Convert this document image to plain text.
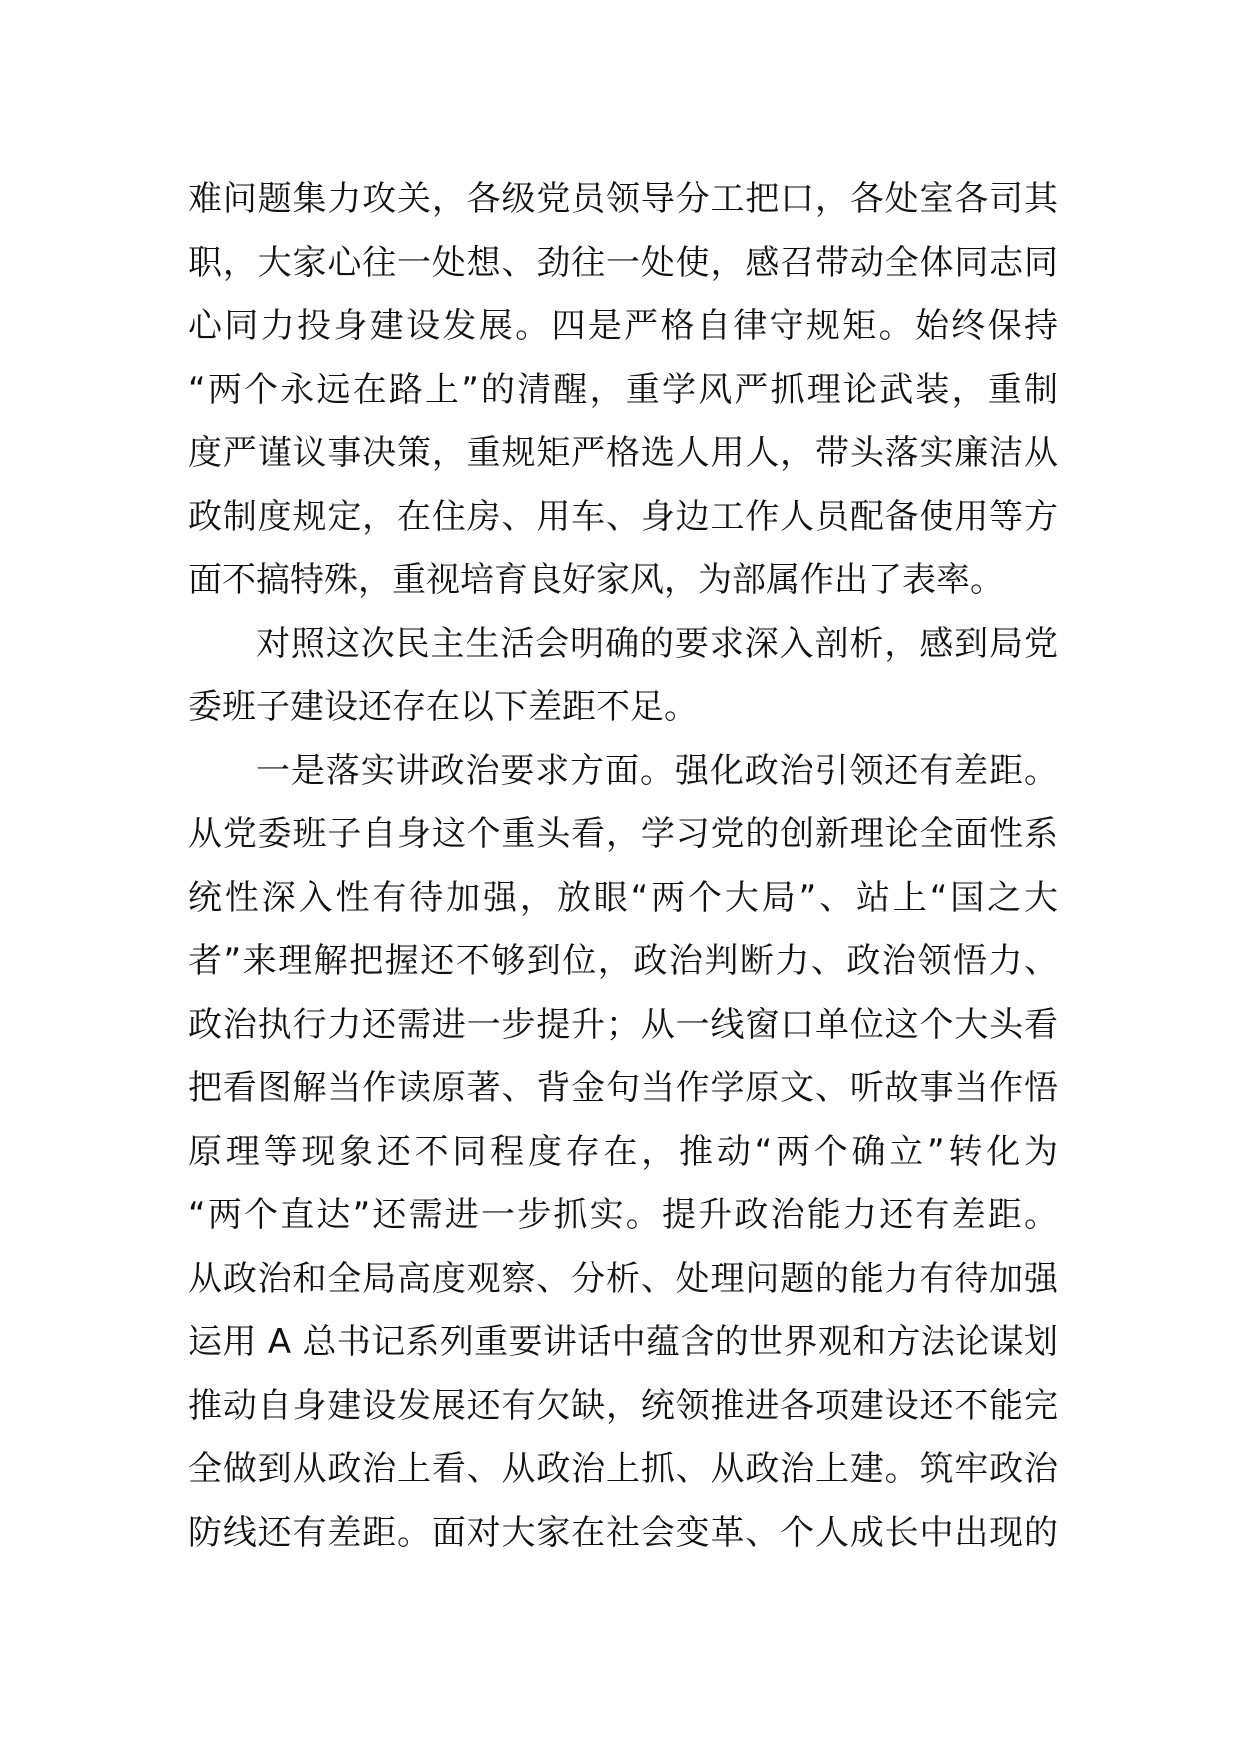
难问题集力攻关，各级党员领导分工把口，各处室各司其
职，大家心往一处想、劲往一处使，感召带动全体同志同
心同力投身建设发展。四是严格自律守规矩。始终保持
“两个永远在路上”的清醒，重学风严抓理论武装，重制
度严谨议事决策，重规矩严格选人用人，带头落实廉洁从
政制度规定，在住房、用车、身边工作人员配备使用等方
面不搞特殊，重视培育良好家风，为部属作出了表率。
对照这次民主生活会明确的要求深入剖析，感到局党
委班子建设还存在以下差距不足。
一是落实讲政治要求方面。强化政治引领还有差距。
从党委班子自身这个重头看，学习党的创新理论全面性系
统性深入性有待加强，放眼“两个大局”、站上“国之大
者”来理解把握还不够到位，政治判断力、政治领悟力、
政治执行力还需进一步提升；从一线窗口单位这个大头看
把看图解当作读原著、背金句当作学原文、听故事当作悟
原理等现象还不同程度存在，推动“两个确立”转化为
“两个直达”还需进一步抓实。提升政治能力还有差距。
从政治和全局高度观察、分析、处理问题的能力有待加强
运用 A 总书记系列重要讲话中蕴含的世界观和方法论谋划
推动自身建设发展还有欠缺，统领推进各项建设还不能完
全做到从政治上看、从政治上抓、从政治上建。筑牢政治
防线还有差距。面对大家在社会变革、个人成长中出现的
